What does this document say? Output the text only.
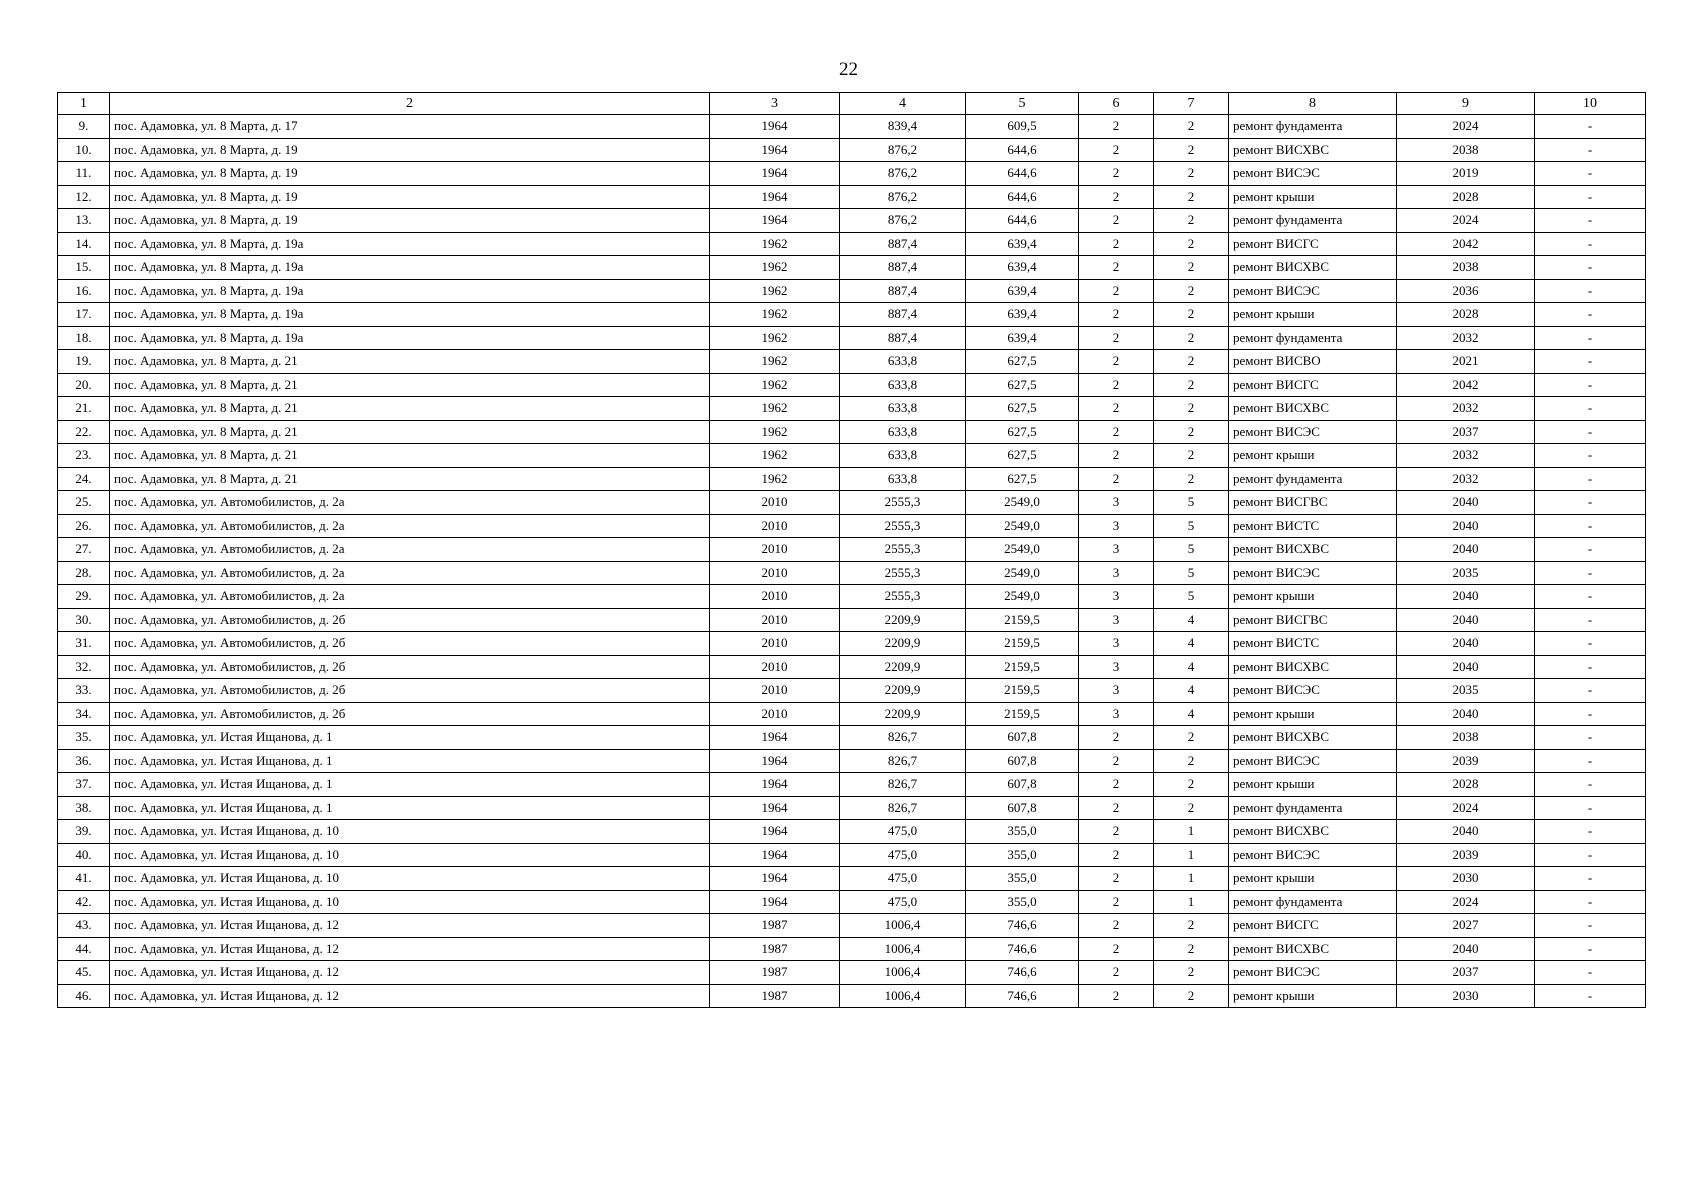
22
1	2	3	4	5	6	7	8	9	10
9.	пос. Адамовка, ул. 8 Марта, д. 17	1964	839,4	609,5	2	2	ремонт фундамента	2024	-
10.	пос. Адамовка, ул. 8 Марта, д. 19	1964	876,2	644,6	2	2	ремонт ВИСХВС	2038	-
11.	пос. Адамовка, ул. 8 Марта, д. 19	1964	876,2	644,6	2	2	ремонт ВИСЭС	2019	-
12.	пос. Адамовка, ул. 8 Марта, д. 19	1964	876,2	644,6	2	2	ремонт крыши	2028	-
13.	пос. Адамовка, ул. 8 Марта, д. 19	1964	876,2	644,6	2	2	ремонт фундамента	2024	-
14.	пос. Адамовка, ул. 8 Марта, д. 19а	1962	887,4	639,4	2	2	ремонт ВИСГС	2042	-
15.	пос. Адамовка, ул. 8 Марта, д. 19а	1962	887,4	639,4	2	2	ремонт ВИСХВС	2038	-
16.	пос. Адамовка, ул. 8 Марта, д. 19а	1962	887,4	639,4	2	2	ремонт ВИСЭС	2036	-
17.	пос. Адамовка, ул. 8 Марта, д. 19а	1962	887,4	639,4	2	2	ремонт крыши	2028	-
18.	пос. Адамовка, ул. 8 Марта, д. 19а	1962	887,4	639,4	2	2	ремонт фундамента	2032	-
19.	пос. Адамовка, ул. 8 Марта, д. 21	1962	633,8	627,5	2	2	ремонт ВИСВО	2021	-
20.	пос. Адамовка, ул. 8 Марта, д. 21	1962	633,8	627,5	2	2	ремонт ВИСГС	2042	-
21.	пос. Адамовка, ул. 8 Марта, д. 21	1962	633,8	627,5	2	2	ремонт ВИСХВС	2032	-
22.	пос. Адамовка, ул. 8 Марта, д. 21	1962	633,8	627,5	2	2	ремонт ВИСЭС	2037	-
23.	пос. Адамовка, ул. 8 Марта, д. 21	1962	633,8	627,5	2	2	ремонт крыши	2032	-
24.	пос. Адамовка, ул. 8 Марта, д. 21	1962	633,8	627,5	2	2	ремонт фундамента	2032	-
25.	пос. Адамовка, ул. Автомобилистов, д. 2а	2010	2555,3	2549,0	3	5	ремонт ВИСГВС	2040	-
26.	пос. Адамовка, ул. Автомобилистов, д. 2а	2010	2555,3	2549,0	3	5	ремонт ВИСТС	2040	-
27.	пос. Адамовка, ул. Автомобилистов, д. 2а	2010	2555,3	2549,0	3	5	ремонт ВИСХВС	2040	-
28.	пос. Адамовка, ул. Автомобилистов, д. 2а	2010	2555,3	2549,0	3	5	ремонт ВИСЭС	2035	-
29.	пос. Адамовка, ул. Автомобилистов, д. 2а	2010	2555,3	2549,0	3	5	ремонт крыши	2040	-
30.	пос. Адамовка, ул. Автомобилистов, д. 2б	2010	2209,9	2159,5	3	4	ремонт ВИСГВС	2040	-
31.	пос. Адамовка, ул. Автомобилистов, д. 2б	2010	2209,9	2159,5	3	4	ремонт ВИСТС	2040	-
32.	пос. Адамовка, ул. Автомобилистов, д. 2б	2010	2209,9	2159,5	3	4	ремонт ВИСХВС	2040	-
33.	пос. Адамовка, ул. Автомобилистов, д. 2б	2010	2209,9	2159,5	3	4	ремонт ВИСЭС	2035	-
34.	пос. Адамовка, ул. Автомобилистов, д. 2б	2010	2209,9	2159,5	3	4	ремонт крыши	2040	-
35.	пос. Адамовка, ул. Истая Ищанова, д. 1	1964	826,7	607,8	2	2	ремонт ВИСХВС	2038	-
36.	пос. Адамовка, ул. Истая Ищанова, д. 1	1964	826,7	607,8	2	2	ремонт ВИСЭС	2039	-
37.	пос. Адамовка, ул. Истая Ищанова, д. 1	1964	826,7	607,8	2	2	ремонт крыши	2028	-
38.	пос. Адамовка, ул. Истая Ищанова, д. 1	1964	826,7	607,8	2	2	ремонт фундамента	2024	-
39.	пос. Адамовка, ул. Истая Ищанова, д. 10	1964	475,0	355,0	2	1	ремонт ВИСХВС	2040	-
40.	пос. Адамовка, ул. Истая Ищанова, д. 10	1964	475,0	355,0	2	1	ремонт ВИСЭС	2039	-
41.	пос. Адамовка, ул. Истая Ищанова, д. 10	1964	475,0	355,0	2	1	ремонт крыши	2030	-
42.	пос. Адамовка, ул. Истая Ищанова, д. 10	1964	475,0	355,0	2	1	ремонт фундамента	2024	-
43.	пос. Адамовка, ул. Истая Ищанова, д. 12	1987	1006,4	746,6	2	2	ремонт ВИСГС	2027	-
44.	пос. Адамовка, ул. Истая Ищанова, д. 12	1987	1006,4	746,6	2	2	ремонт ВИСХВС	2040	-
45.	пос. Адамовка, ул. Истая Ищанова, д. 12	1987	1006,4	746,6	2	2	ремонт ВИСЭС	2037	-
46.	пос. Адамовка, ул. Истая Ищанова, д. 12	1987	1006,4	746,6	2	2	ремонт крыши	2030	-
